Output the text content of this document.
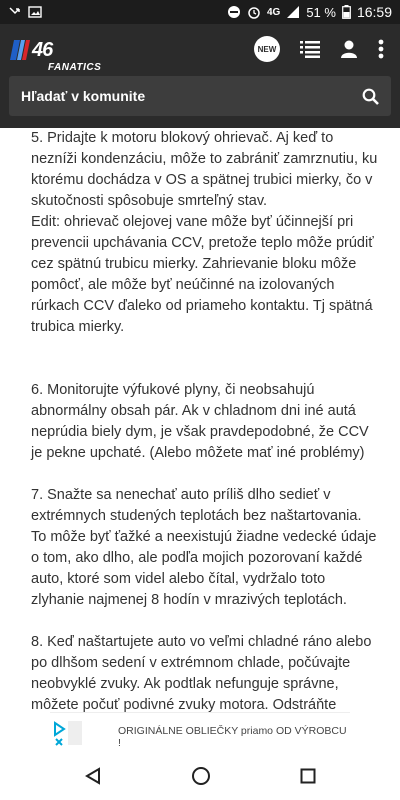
4G 51 % 16:59
46
FANATICS
NEW
Hľadať v komunite

5. Pridajte k motoru blokový ohrievač. Aj keď to nezníži kondenzáciu, môže to zabrániť zamrznutiu, ku ktorému dochádza v OS a spätnej trubici mierky, čo v skutočnosti spôsobuje smrteľný stav.
Edit: ohrievač olejovej vane môže byť účinnejší pri prevencii upchávania CCV, pretože teplo môže prúdiť cez spätnú trubicu mierky. Zahrievanie bloku môže pomôcť, ale môže byť neúčinné na izolovaných rúrkach CCV ďaleko od priameho kontaktu. Tj spätná trubica mierky.

6. Monitorujte výfukové plyny, či neobsahujú abnormálny obsah pár. Ak v chladnom dni iné autá neprúdia biely dym, je však pravdepodobné, že CCV je pekne upchaté. (Alebo môžete mať iné problémy)

7. Snažte sa nenechať auto príliš dlho sedieť v extrémnych studených teplotách bez naštartovania. To môže byť ťažké a neexistujú žiadne vedecké údaje o tom, ako dlho, ale podľa mojich pozorovaní každé auto, ktoré som videl alebo čítal, vydržalo toto zlyhanie najmenej 8 hodín v mrazivých teplotách.

8. Keď naštartujete auto vo veľmi chladné ráno alebo po dlhšom sedení v extrémnom chlade, počúvajte neobvyklé zvuky. Ak podtlak nefunguje správne, môžete počuť podivné zvuky motora. Odstráňte

ORIGINÁLNE OBLIEČKY priamo OD VÝROBCU !
